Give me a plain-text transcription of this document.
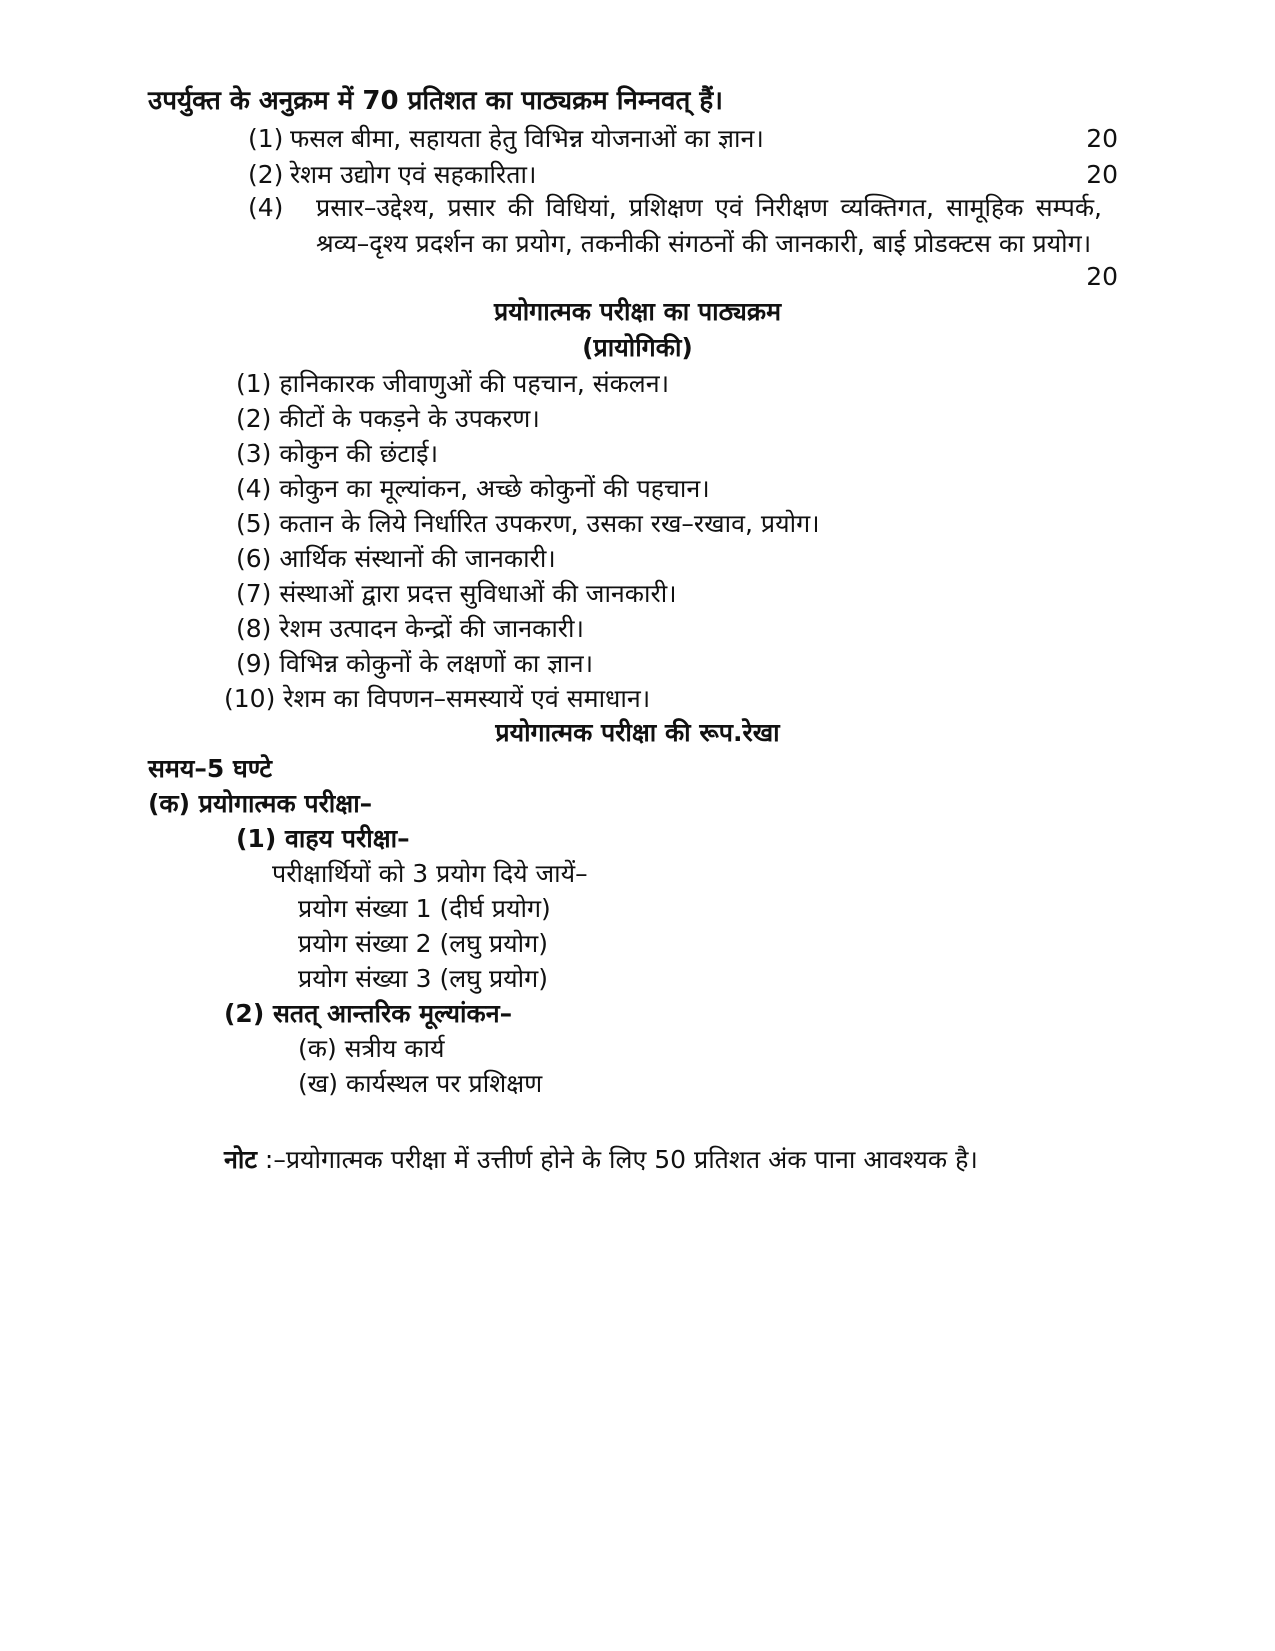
उपर्युक्त के अनुक्रम में 70 प्रतिशत का पाठ्यक्रम निम्नवत् हैं।
(1) फसल बीमा, सहायता हेतु विभिन्न योजनाओं का ज्ञान।	20
(2) रेशम उद्योग एवं सहकारिता।	20
(4) प्रसार–उद्देश्य, प्रसार की विधियां, प्रशिक्षण एवं निरीक्षण व्यक्तिगत, सामूहिक सम्पर्क, श्रव्य–दृश्य प्रदर्शन का प्रयोग, तकनीकी संगठनों की जानकारी, बाई प्रोडक्टस का प्रयोग।
20
प्रयोगात्मक परीक्षा का पाठ्यक्रम
(प्रायोगिकी)
(1) हानिकारक जीवाणुओं की पहचान, संकलन।
(2) कीटों के पकड़ने के उपकरण।
(3) कोकुन की छंटाई।
(4) कोकुन का मूल्यांकन, अच्छे कोकुनों की पहचान।
(5) कतान के लिये निर्धारित उपकरण, उसका रख–रखाव, प्रयोग।
(6) आर्थिक संस्थानों की जानकारी।
(7) संस्थाओं द्वारा प्रदत्त सुविधाओं की जानकारी।
(8) रेशम उत्पादन केन्द्रों की जानकारी।
(9) विभिन्न कोकुनों के लक्षणों का ज्ञान।
(10) रेशम का विपणन–समस्यायें एवं समाधान।
प्रयोगात्मक परीक्षा की रूप.रेखा
समय–5 घण्टे
(क) प्रयोगात्मक परीक्षा–
(1) वाहय परीक्षा–
परीक्षार्थियों को 3 प्रयोग दिये जायें–
प्रयोग संख्या 1 (दीर्घ प्रयोग)
प्रयोग संख्या 2 (लघु प्रयोग)
प्रयोग संख्या 3 (लघु प्रयोग)
(2) सतत् आन्तरिक मूल्यांकन–
(क) सत्रीय कार्य
(ख) कार्यस्थल पर प्रशिक्षण
नोट :–प्रयोगात्मक परीक्षा में उत्तीर्ण होने के लिए 50 प्रतिशत अंक पाना आवश्यक है।
